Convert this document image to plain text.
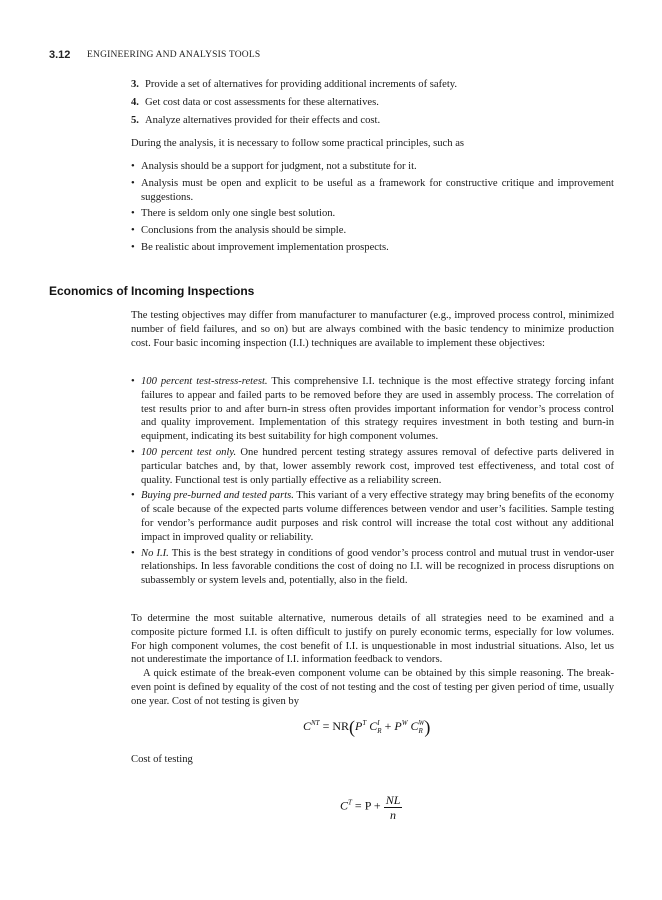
3.12 ENGINEERING AND ANALYSIS TOOLS
3. Provide a set of alternatives for providing additional increments of safety.
4. Get cost data or cost assessments for these alternatives.
5. Analyze alternatives provided for their effects and cost.
During the analysis, it is necessary to follow some practical principles, such as
• Analysis should be a support for judgment, not a substitute for it.
• Analysis must be open and explicit to be useful as a framework for constructive critique and improvement suggestions.
• There is seldom only one single best solution.
• Conclusions from the analysis should be simple.
• Be realistic about improvement implementation prospects.
Economics of Incoming Inspections
The testing objectives may differ from manufacturer to manufacturer (e.g., improved process control, minimized number of field failures, and so on) but are always combined with the basic tendency to minimize production cost. Four basic incoming inspection (I.I.) techniques are available to implement these objectives:
• 100 percent test-stress-retest. This comprehensive I.I. technique is the most effective strategy forcing infant failures to appear and failed parts to be removed before they are used in assembly process. The correlation of test results prior to and after burn-in stress often provides important information for vendor’s process control and quality improvement. Implementation of this strategy requires investment in both testing and burn-in equipment, indicating its best suitability for high component volumes.
• 100 percent test only. One hundred percent testing strategy assures removal of defective parts delivered in particular batches and, by that, lower assembly rework cost, improved test effectiveness, and total cost of quality. Functional test is only partially effective as a reliability screen.
• Buying pre-burned and tested parts. This variant of a very effective strategy may bring benefits of the economy of scale because of the expected parts volume differences between vendor and user’s facilities. Sample testing for vendor’s performance audit purposes and risk control will increase the total cost without any additional impact in improved quality or reliability.
• No I.I. This is the best strategy in conditions of good vendor’s process control and mutual trust in vendor-user relationships. In less favorable conditions the cost of doing no I.I. will be recognized in process disruptions on subassembly or system levels and, potentially, also in the field.
To determine the most suitable alternative, numerous details of all strategies need to be examined and a composite picture formed I.I. is often difficult to justify on purely economic terms, especially for low volumes. For high component volumes, the cost benefit of I.I. is unquestionable in most industrial situations. Also, let us not underestimate the importance of I.I. information feedback to vendors.
A quick estimate of the break-even component volume can be obtained by this simple reasoning. The break-even point is defined by equality of the cost of not testing and the cost of testing per given period of time, usually one year. Cost of not testing is given by
$C^{NT} = NR(P^T$ C I
$R + P^W$ C W
R )
Cost of testing
$C^T = P + \frac{NL}{n}$
